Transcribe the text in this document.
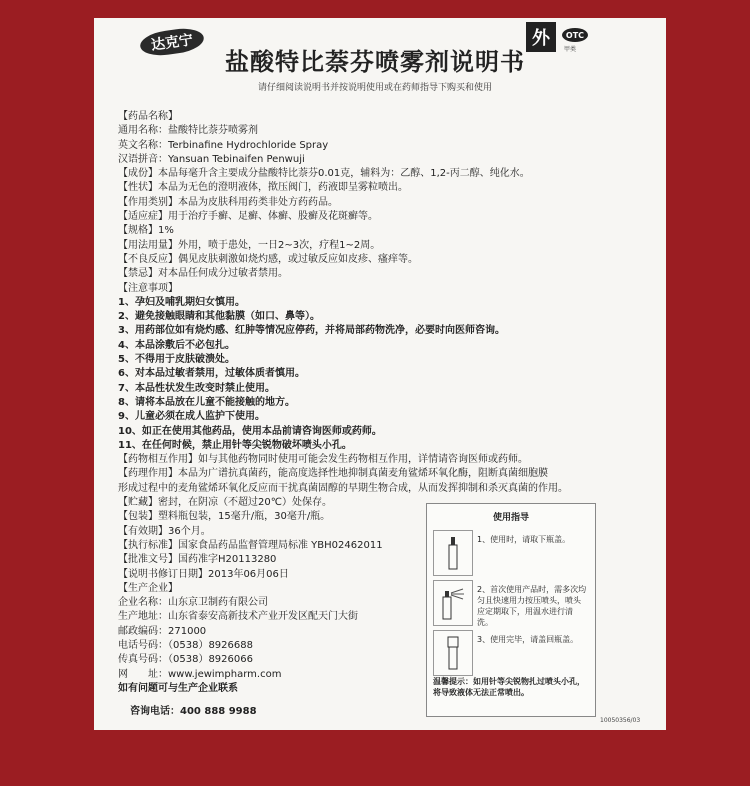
达克宁
盐酸特比萘芬喷雾剂说明书
请仔细阅读说明书并按说明使用或在药师指导下购买和使用
外	OTC
甲类
【药品名称】
通用名称：盐酸特比萘芬喷雾剂
英文名称：Terbinafine Hydrochloride Spray
汉语拼音：Yansuan Tebinaifen Penwuji
【成份】本品每毫升含主要成分盐酸特比萘芬0.01克，辅料为：乙醇、1,2-丙二醇、纯化水。
【性状】本品为无色的澄明液体，揿压阀门，药液即呈雾粒喷出。
【作用类别】本品为皮肤科用药类非处方药药品。
【适应症】用于治疗手癣、足癣、体癣、股癣及花斑癣等。
【规格】1%
【用法用量】外用，喷于患处，一日2~3次，疗程1~2周。
【不良反应】偶见皮肤刺激如烧灼感，或过敏反应如皮疹、瘙痒等。
【禁忌】对本品任何成分过敏者禁用。
【注意事项】
1、孕妇及哺乳期妇女慎用。
2、避免接触眼睛和其他黏膜（如口、鼻等）。
3、用药部位如有烧灼感、红肿等情况应停药，并将局部药物洗净，必要时向医师咨询。
4、本品涂敷后不必包扎。
5、不得用于皮肤破溃处。
6、对本品过敏者禁用，过敏体质者慎用。
7、本品性状发生改变时禁止使用。
8、请将本品放在儿童不能接触的地方。
9、儿童必须在成人监护下使用。
10、如正在使用其他药品，使用本品前请咨询医师或药师。
11、在任何时候，禁止用针等尖锐物破坏喷头小孔。
【药物相互作用】如与其他药物同时使用可能会发生药物相互作用，详情请咨询医师或药师。
【药理作用】本品为广谱抗真菌药，能高度选择性地抑制真菌麦角鲨烯环氧化酶，阻断真菌细胞膜
形成过程中的麦角鲨烯环氧化反应而干扰真菌固醇的早期生物合成，从而发挥抑制和杀灭真菌的作用。
【贮藏】密封，在阴凉（不超过20℃）处保存。
【包装】塑料瓶包装，15毫升/瓶，30毫升/瓶。
【有效期】36个月。
【执行标准】国家食品药品监督管理局标准 YBH02462011
【批准文号】国药准字H20113280
【说明书修订日期】2013年06月06日
【生产企业】
企业名称：山东京卫制药有限公司
生产地址：山东省泰安高新技术产业开发区配天门大街
邮政编码：271000
电话号码：（0538）8926688
传真号码：（0538）8926066
网　　址：www.jewimpharm.com
如有问题可与生产企业联系
使用指导
1、使用时，请取下瓶盖。
2、首次使用产品时，需多次均匀且快速用力按压喷头，喷头应定期取下，用温水进行清洗。
3、使用完毕，请盖回瓶盖。
温馨提示：如用针等尖锐物扎过喷头小孔，将导致液体无法正常喷出。
咨询电话：400 888 9988
10050356/03
